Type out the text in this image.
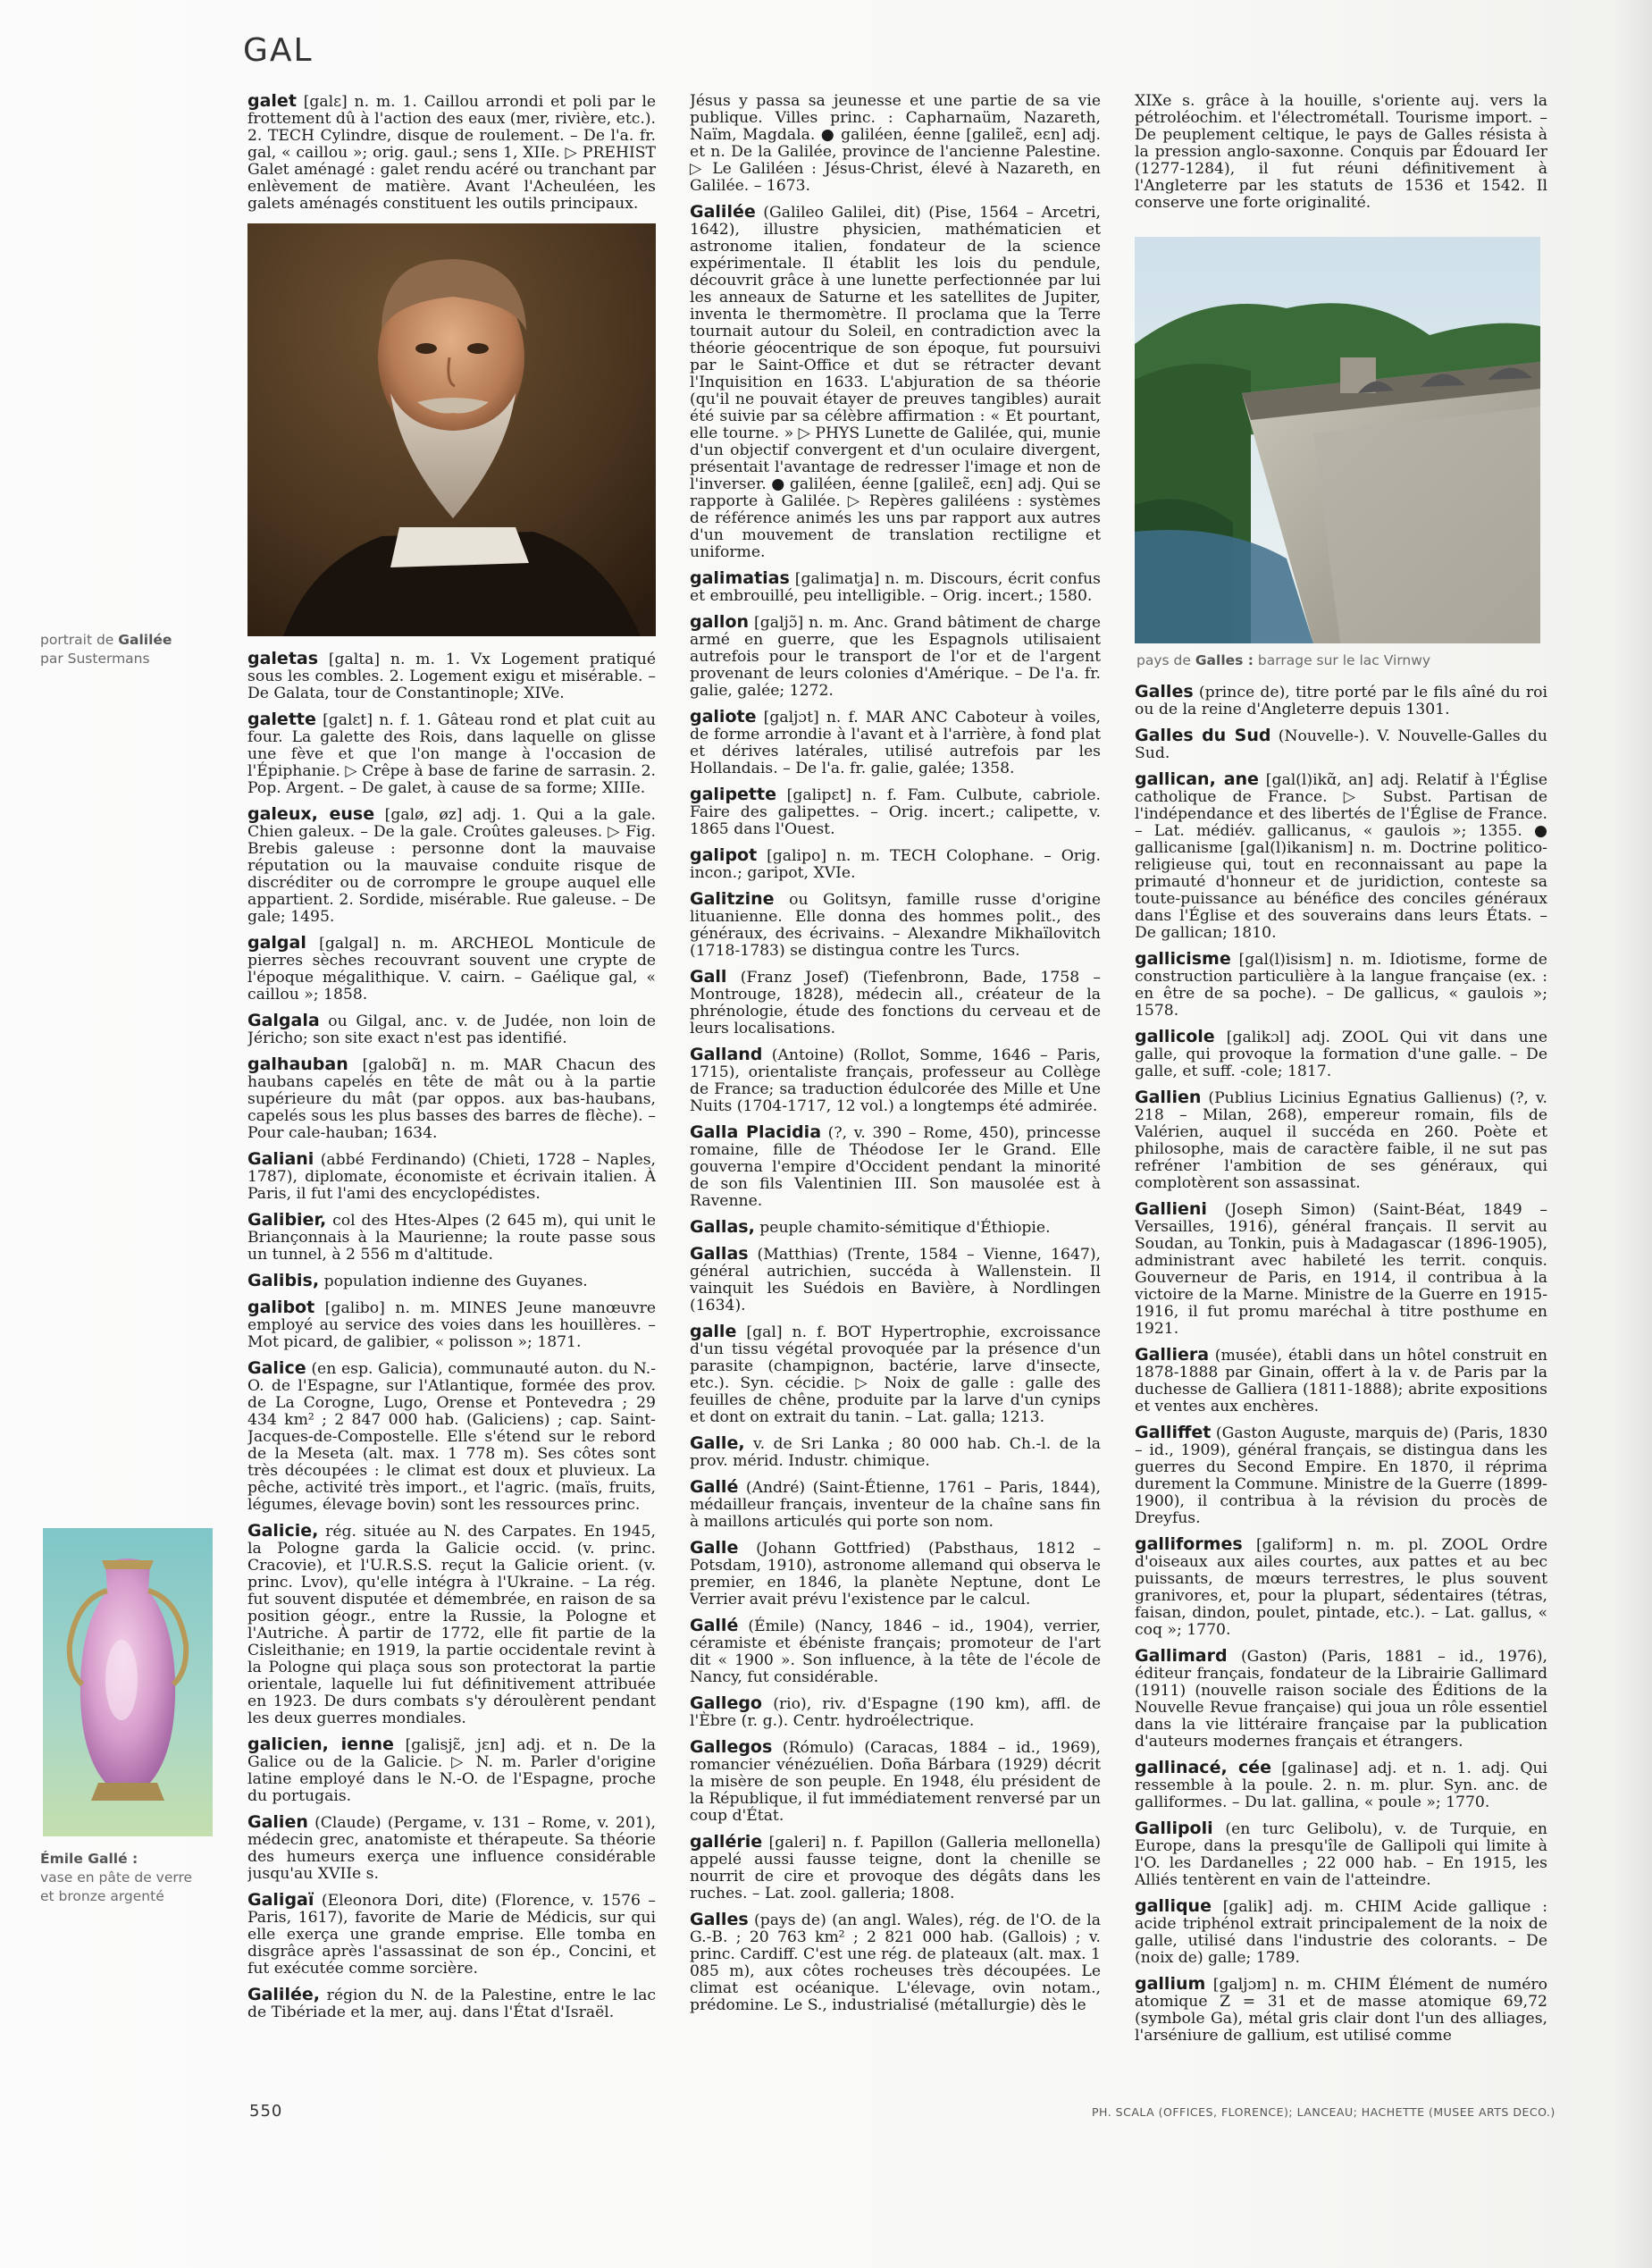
GAL
portrait de Galilée
par Sustermans
Émile Gallé :
vase en pâte de verre
et bronze argenté

galet [galɛ] n. m. 1. Caillou arrondi et poli par le frottement dû à l'action des eaux (mer, rivière, etc.). 2. TECH Cylindre, disque de roulement. – De l'a. fr. gal, « caillou »; orig. gaul.; sens 1, XIIe. ▷ PREHIST Galet aménagé : galet rendu acéré ou tranchant par enlèvement de matière. Avant l'Acheuléen, les galets aménagés constituent les outils principaux.

galetas [galta] n. m. 1. Vx Logement pratiqué sous les combles. 2. Logement exigu et misérable. – De Galata, tour de Constantinople; XIVe.

galette [galɛt] n. f. 1. Gâteau rond et plat cuit au four. La galette des Rois, dans laquelle on glisse une fève et que l'on mange à l'occasion de l'Épiphanie. ▷ Crêpe à base de farine de sarrasin. 2. Pop. Argent. – De galet, à cause de sa forme; XIIIe.

galeux, euse [galø, øz] adj. 1. Qui a la gale. Chien galeux. – De la gale. Croûtes galeuses. ▷ Fig. Brebis galeuse : personne dont la mauvaise réputation ou la mauvaise conduite risque de discréditer ou de corrompre le groupe auquel elle appartient. 2. Sordide, misérable. Rue galeuse. – De gale; 1495.

galgal [galgal] n. m. ARCHEOL Monticule de pierres sèches recouvrant souvent une crypte de l'époque mégalithique. V. cairn. – Gaélique gal, « caillou »; 1858.

Galgala ou Gilgal, anc. v. de Judée, non loin de Jéricho; son site exact n'est pas identifié.

galhauban [galobɑ̃] n. m. MAR Chacun des haubans capelés en tête de mât ou à la partie supérieure du mât (par oppos. aux bas-haubans, capelés sous les plus basses des barres de flèche). – Pour cale-hauban; 1634.

Galiani (abbé Ferdinando) (Chieti, 1728 – Naples, 1787), diplomate, économiste et écrivain italien. À Paris, il fut l'ami des encyclopédistes.

Galibier, col des Htes-Alpes (2 645 m), qui unit le Briançonnais à la Maurienne; la route passe sous un tunnel, à 2 556 m d'altitude.

Galibis, population indienne des Guyanes.

galibot [galibo] n. m. MINES Jeune manœuvre employé au service des voies dans les houillères. – Mot picard, de galibier, « polisson »; 1871.

Galice (en esp. Galicia), communauté auton. du N.-O. de l'Espagne, sur l'Atlantique, formée des prov. de La Corogne, Lugo, Orense et Pontevedra ; 29 434 km² ; 2 847 000 hab. (Galiciens) ; cap. Saint-Jacques-de-Compostelle. Elle s'étend sur le rebord de la Meseta (alt. max. 1 778 m). Ses côtes sont très découpées : le climat est doux et pluvieux. La pêche, activité très import., et l'agric. (maïs, fruits, légumes, élevage bovin) sont les ressources princ.

Galicie, rég. située au N. des Carpates. En 1945, la Pologne garda la Galicie occid. (v. princ. Cracovie), et l'U.R.S.S. reçut la Galicie orient. (v. princ. Lvov), qu'elle intégra à l'Ukraine. – La rég. fut souvent disputée et démembrée, en raison de sa position géogr., entre la Russie, la Pologne et l'Autriche. À partir de 1772, elle fit partie de la Cisleithanie; en 1919, la partie occidentale revint à la Pologne qui plaça sous son protectorat la partie orientale, laquelle lui fut définitivement attribuée en 1923. De durs combats s'y déroulèrent pendant les deux guerres mondiales.

galicien, ienne [galisjɛ̃, jɛn] adj. et n. De la Galice ou de la Galicie. ▷ N. m. Parler d'origine latine employé dans le N.-O. de l'Espagne, proche du portugais.

Galien (Claude) (Pergame, v. 131 – Rome, v. 201), médecin grec, anatomiste et thérapeute. Sa théorie des humeurs exerça une influence considérable jusqu'au XVIIe s.

Galigaï (Eleonora Dori, dite) (Florence, v. 1576 – Paris, 1617), favorite de Marie de Médicis, sur qui elle exerça une grande emprise. Elle tomba en disgrâce après l'assassinat de son ép., Concini, et fut exécutée comme sorcière.

Galilée, région du N. de la Palestine, entre le lac de Tibériade et la mer, auj. dans l'État d'Israël.

Jésus y passa sa jeunesse et une partie de sa vie publique. Villes princ. : Capharnaüm, Nazareth, Naïm, Magdala. ● galiléen, éenne [galileɛ̃, eɛn] adj. et n. De la Galilée, province de l'ancienne Palestine. ▷ Le Galiléen : Jésus-Christ, élevé à Nazareth, en Galilée. – 1673.

Galilée (Galileo Galilei, dit) (Pise, 1564 – Arcetri, 1642), illustre physicien, mathématicien et astronome italien, fondateur de la science expérimentale. Il établit les lois du pendule, découvrit grâce à une lunette perfectionnée par lui les anneaux de Saturne et les satellites de Jupiter, inventa le thermomètre. Il proclama que la Terre tournait autour du Soleil, en contradiction avec la théorie géocentrique de son époque, fut poursuivi par le Saint-Office et dut se rétracter devant l'Inquisition en 1633. L'abjuration de sa théorie (qu'il ne pouvait étayer de preuves tangibles) aurait été suivie par sa célèbre affirmation : « Et pourtant, elle tourne. » ▷ PHYS Lunette de Galilée, qui, munie d'un objectif convergent et d'un oculaire divergent, présentait l'avantage de redresser l'image et non de l'inverser. ● galiléen, éenne [galileɛ̃, eɛn] adj. Qui se rapporte à Galilée. ▷ Repères galiléens : systèmes de référence animés les uns par rapport aux autres d'un mouvement de translation rectiligne et uniforme.

galimatias [galimatja] n. m. Discours, écrit confus et embrouillé, peu intelligible. – Orig. incert.; 1580.

gallon [galjɔ̃] n. m. Anc. Grand bâtiment de charge armé en guerre, que les Espagnols utilisaient autrefois pour le transport de l'or et de l'argent provenant de leurs colonies d'Amérique. – De l'a. fr. galie, galée; 1272.

galiote [galjɔt] n. f. MAR ANC Caboteur à voiles, de forme arrondie à l'avant et à l'arrière, à fond plat et dérives latérales, utilisé autrefois par les Hollandais. – De l'a. fr. galie, galée; 1358.

galipette [galipɛt] n. f. Fam. Culbute, cabriole. Faire des galipettes. – Orig. incert.; calipette, v. 1865 dans l'Ouest.

galipot [galipo] n. m. TECH Colophane. – Orig. incon.; garipot, XVIe.

Galitzine ou Golitsyn, famille russe d'origine lituanienne. Elle donna des hommes polit., des généraux, des écrivains. – Alexandre Mikhaïlovitch (1718-1783) se distingua contre les Turcs.

Gall (Franz Josef) (Tiefenbronn, Bade, 1758 – Montrouge, 1828), médecin all., créateur de la phrénologie, étude des fonctions du cerveau et de leurs localisations.

Galland (Antoine) (Rollot, Somme, 1646 – Paris, 1715), orientaliste français, professeur au Collège de France; sa traduction édulcorée des Mille et Une Nuits (1704-1717, 12 vol.) a longtemps été admirée.

Galla Placidia (?, v. 390 – Rome, 450), princesse romaine, fille de Théodose Ier le Grand. Elle gouverna l'empire d'Occident pendant la minorité de son fils Valentinien III. Son mausolée est à Ravenne.

Gallas, peuple chamito-sémitique d'Éthiopie.

Gallas (Matthias) (Trente, 1584 – Vienne, 1647), général autrichien, succéda à Wallenstein. Il vainquit les Suédois en Bavière, à Nordlingen (1634).

galle [gal] n. f. BOT Hypertrophie, excroissance d'un tissu végétal provoquée par la présence d'un parasite (champignon, bactérie, larve d'insecte, etc.). Syn. cécidie. ▷ Noix de galle : galle des feuilles de chêne, produite par la larve d'un cynips et dont on extrait du tanin. – Lat. galla; 1213.

Galle, v. de Sri Lanka ; 80 000 hab. Ch.-l. de la prov. mérid. Industr. chimique.

Gallé (André) (Saint-Étienne, 1761 – Paris, 1844), médailleur français, inventeur de la chaîne sans fin à maillons articulés qui porte son nom.

Galle (Johann Gottfried) (Pabsthaus, 1812 – Potsdam, 1910), astronome allemand qui observa le premier, en 1846, la planète Neptune, dont Le Verrier avait prévu l'existence par le calcul.

Gallé (Émile) (Nancy, 1846 – id., 1904), verrier, céramiste et ébéniste français; promoteur de l'art dit « 1900 ». Son influence, à la tête de l'école de Nancy, fut considérable.

Gallego (rio), riv. d'Espagne (190 km), affl. de l'Èbre (r. g.). Centr. hydroélectrique.

Gallegos (Rómulo) (Caracas, 1884 – id., 1969), romancier vénézuélien. Doña Bárbara (1929) décrit la misère de son peuple. En 1948, élu président de la République, il fut immédiatement renversé par un coup d'État.

gallérie [galeri] n. f. Papillon (Galleria mellonella) appelé aussi fausse teigne, dont la chenille se nourrit de cire et provoque des dégâts dans les ruches. – Lat. zool. galleria; 1808.

Galles (pays de) (an angl. Wales), rég. de l'O. de la G.-B. ; 20 763 km² ; 2 821 000 hab. (Gallois) ; v. princ. Cardiff. C'est une rég. de plateaux (alt. max. 1 085 m), aux côtes rocheuses très découpées. Le climat est océanique. L'élevage, ovin notam., prédomine. Le S., industrialisé (métallurgie) dès le

XIXe s. grâce à la houille, s'oriente auj. vers la pétroléochim. et l'électrométall. Tourisme import. – De peuplement celtique, le pays de Galles résista à la pression anglo-saxonne. Conquis par Édouard Ier (1277-1284), il fut réuni définitivement à l'Angleterre par les statuts de 1536 et 1542. Il conserve une forte originalité.

pays de Galles : barrage sur le lac Virnwy

Galles (prince de), titre porté par le fils aîné du roi ou de la reine d'Angleterre depuis 1301.

Galles du Sud (Nouvelle-). V. Nouvelle-Galles du Sud.

gallican, ane [gal(l)ikɑ̃, an] adj. Relatif à l'Église catholique de France. ▷ Subst. Partisan de l'indépendance et des libertés de l'Église de France. – Lat. médiév. gallicanus, « gaulois »; 1355. ● gallicanisme [gal(l)ikanism] n. m. Doctrine politico-religieuse qui, tout en reconnaissant au pape la primauté d'honneur et de juridiction, conteste sa toute-puissance au bénéfice des conciles généraux dans l'Église et des souverains dans leurs États. – De gallican; 1810.

gallicisme [gal(l)isism] n. m. Idiotisme, forme de construction particulière à la langue française (ex. : en être de sa poche). – De gallicus, « gaulois »; 1578.

gallicole [galikɔl] adj. ZOOL Qui vit dans une galle, qui provoque la formation d'une galle. – De galle, et suff. -cole; 1817.

Gallien (Publius Licinius Egnatius Gallienus) (?, v. 218 – Milan, 268), empereur romain, fils de Valérien, auquel il succéda en 260. Poète et philosophe, mais de caractère faible, il ne sut pas refréner l'ambition de ses généraux, qui complotèrent son assassinat.

Gallieni (Joseph Simon) (Saint-Béat, 1849 – Versailles, 1916), général français. Il servit au Soudan, au Tonkin, puis à Madagascar (1896-1905), administrant avec habileté les territ. conquis. Gouverneur de Paris, en 1914, il contribua à la victoire de la Marne. Ministre de la Guerre en 1915-1916, il fut promu maréchal à titre posthume en 1921.

Galliera (musée), établi dans un hôtel construit en 1878-1888 par Ginain, offert à la v. de Paris par la duchesse de Galliera (1811-1888); abrite expositions et ventes aux enchères.

Galliffet (Gaston Auguste, marquis de) (Paris, 1830 – id., 1909), général français, se distingua dans les guerres du Second Empire. En 1870, il réprima durement la Commune. Ministre de la Guerre (1899-1900), il contribua à la révision du procès de Dreyfus.

galliformes [galifɔrm] n. m. pl. ZOOL Ordre d'oiseaux aux ailes courtes, aux pattes et au bec puissants, de mœurs terrestres, le plus souvent granivores, et, pour la plupart, sédentaires (tétras, faisan, dindon, poulet, pintade, etc.). – Lat. gallus, « coq »; 1770.

Gallimard (Gaston) (Paris, 1881 – id., 1976), éditeur français, fondateur de la Librairie Gallimard (1911) (nouvelle raison sociale des Éditions de la Nouvelle Revue française) qui joua un rôle essentiel dans la vie littéraire française par la publication d'auteurs modernes français et étrangers.

gallinacé, cée [galinase] adj. et n. 1. adj. Qui ressemble à la poule. 2. n. m. plur. Syn. anc. de galliformes. – Du lat. gallina, « poule »; 1770.

Gallipoli (en turc Gelibolu), v. de Turquie, en Europe, dans la presqu'île de Gallipoli qui limite à l'O. les Dardanelles ; 22 000 hab. – En 1915, les Alliés tentèrent en vain de l'atteindre.

gallique [galik] adj. m. CHIM Acide gallique : acide triphénol extrait principalement de la noix de galle, utilisé dans l'industrie des colorants. – De (noix de) galle; 1789.

gallium [galjɔm] n. m. CHIM Élément de numéro atomique Z = 31 et de masse atomique 69,72 (symbole Ga), métal gris clair dont l'un des alliages, l'arséniure de gallium, est utilisé comme

550	PH. SCALA (OFFICES, FLORENCE); LANCEAU; HACHETTE (MUSEE ARTS DECO.)
